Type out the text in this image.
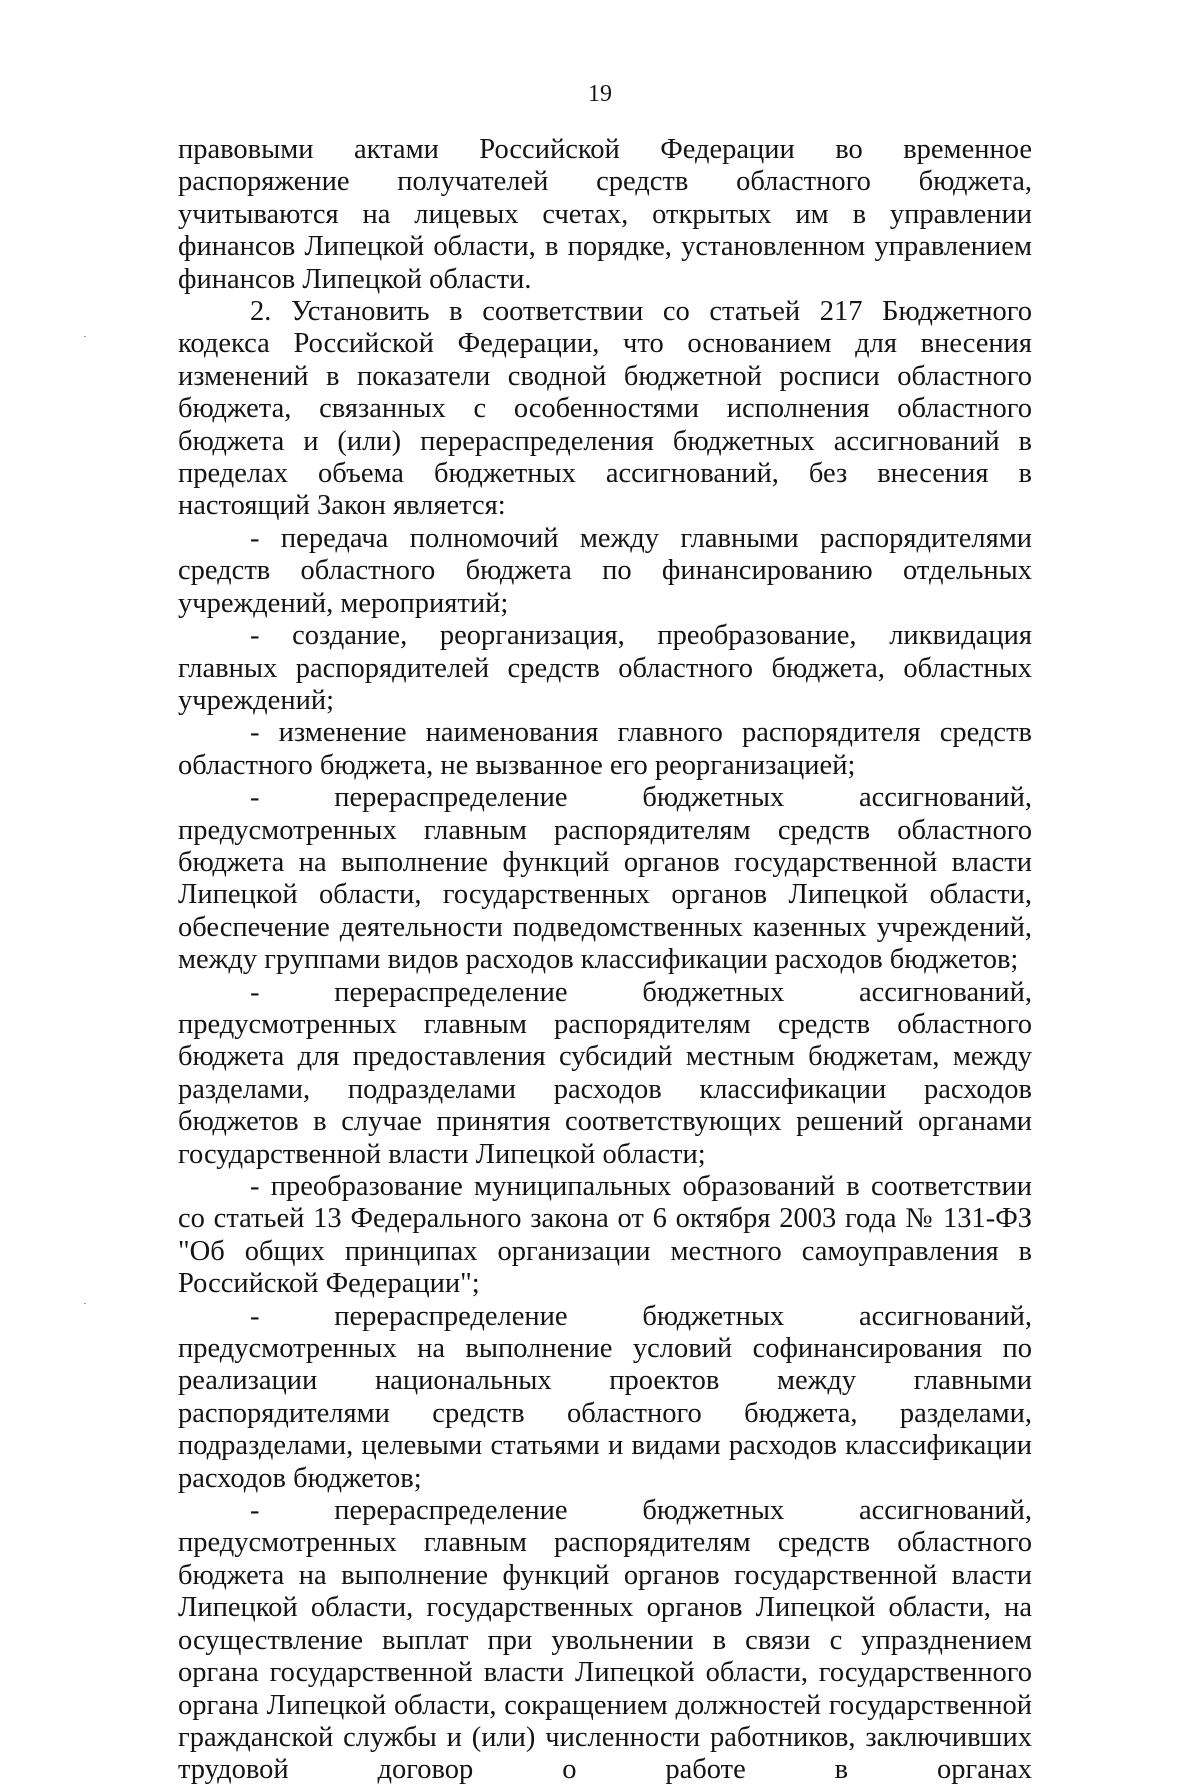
19

правовыми актами Российской Федерации во временное распоряжение получателей средств областного бюджета, учитываются на лицевых счетах, открытых им в управлении финансов Липецкой области, в порядке, установленном управлением финансов Липецкой области.

2. Установить в соответствии со статьей 217 Бюджетного кодекса Российской Федерации, что основанием для внесения изменений в показатели сводной бюджетной росписи областного бюджета, связанных с особенностями исполнения областного бюджета и (или) перераспределения бюджетных ассигнований в пределах объема бюджетных ассигнований, без внесения в настоящий Закон является:

- передача полномочий между главными распорядителями средств областного бюджета по финансированию отдельных учреждений, мероприятий;

- создание, реорганизация, преобразование, ликвидация главных распорядителей средств областного бюджета, областных учреждений;

- изменение наименования главного распорядителя средств областного бюджета, не вызванное его реорганизацией;

- перераспределение бюджетных ассигнований, предусмотренных главным распорядителям средств областного бюджета на выполнение функций органов государственной власти Липецкой области, государственных органов Липецкой области, обеспечение деятельности подведомственных казенных учреждений, между группами видов расходов классификации расходов бюджетов;

- перераспределение бюджетных ассигнований, предусмотренных главным распорядителям средств областного бюджета для предоставления субсидий местным бюджетам, между разделами, подразделами расходов классификации расходов бюджетов в случае принятия соответствующих решений органами государственной власти Липецкой области;

- преобразование муниципальных образований в соответствии со статьей 13 Федерального закона от 6 октября 2003 года № 131-ФЗ "Об общих принципах организации местного самоуправления в Российской Федерации";

- перераспределение бюджетных ассигнований, предусмотренных на выполнение условий софинансирования по реализации национальных проектов между главными распорядителями средств областного бюджета, разделами, подразделами, целевыми статьями и видами расходов классификации расходов бюджетов;

- перераспределение бюджетных ассигнований, предусмотренных главным распорядителям средств областного бюджета на выполнение функций органов государственной власти Липецкой области, государственных органов Липецкой области, на осуществление выплат при увольнении в связи с упразднением органа государственной власти Липецкой области, государственного органа Липецкой области, сокращением должностей государственной гражданской службы и (или) численности работников, заключивших трудовой договор о работе в органах
